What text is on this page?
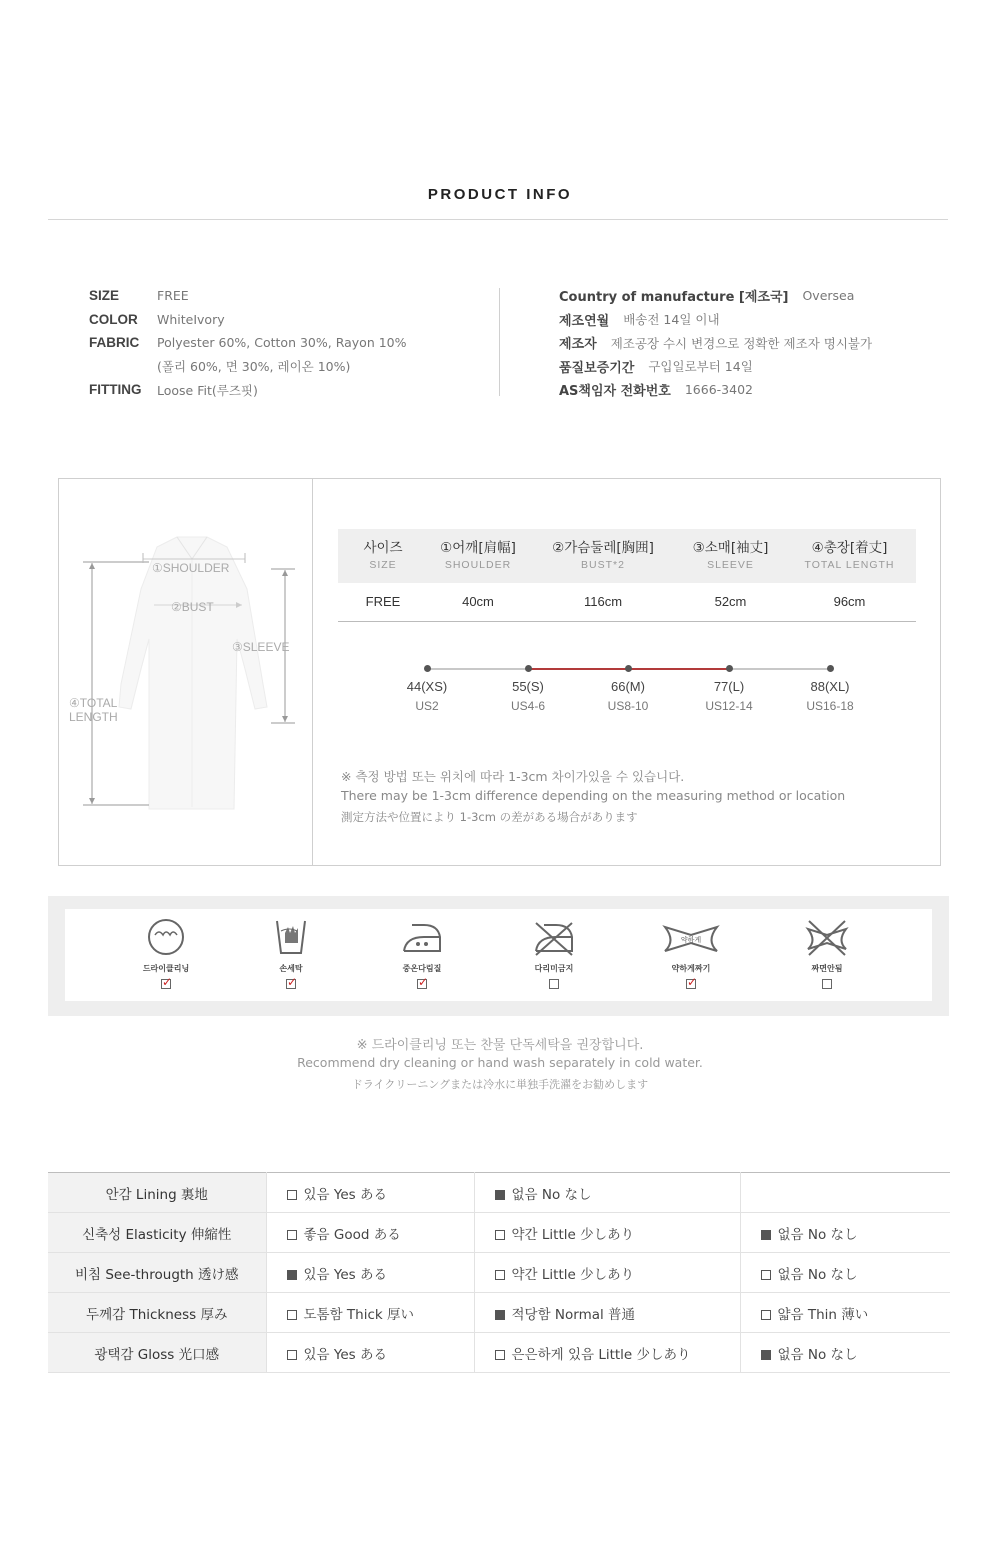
PRODUCT INFO
SIZE	FREE
COLOR	WhiteIvory
FABRIC	Polyester 60%, Cotton 30%, Rayon 10%
(폴리 60%, 면 30%, 레이온 10%)
FITTING	Loose Fit(루즈핏)
Country of manufacture [제조국] Oversea
제조연월 배송전 14일 이내
제조자 제조공장 수시 변경으로 정확한 제조자 명시불가
품질보증기간 구입일로부터 14일
AS책임자 전화번호 1666-3402
①SHOULDER
②BUST
③SLEEVE
④TOTAL
LENGTH
사이즈	①어깨[肩幅]	②가슴둘레[胸囲]	③소매[袖丈]	④총장[着丈]
SIZE	SHOULDER	BUST*2	SLEEVE	TOTAL LENGTH
FREE	40cm	116cm	52cm	96cm
44(XS)	55(S)	66(M)	77(L)	88(XL)
US2	US4-6	US8-10	US12-14	US16-18
※ 측정 방법 또는 위치에 따라 1-3cm 차이가있을 수 있습니다.
There may be 1-3cm difference depending on the measuring method or location
測定方法や位置により 1-3cm の差がある場合があります
드라이클리닝
✓	손세탁
✓	중온다림질
✓	다리미금지
약하게
약하게짜기
✓	짜면안됨
※ 드라이클리닝 또는 찬물 단독세탁을 권장합니다.
Recommend dry cleaning or hand wash separately in cold water.
ドライクリーニングまたは冷水に単独手洗濯をお勧めします
안감 Lining 裏地	있음 Yes ある	없음 No なし	
신축성 Elasticity 伸縮性	좋음 Good ある	약간 Little 少しあり	없음 No なし
비침 See-througth 透け感	있음 Yes ある	약간 Little 少しあり	없음 No なし
두께감 Thickness 厚み	도톰함 Thick 厚い	적당함 Normal 普通	얇음 Thin 薄い
광택감 Gloss 光口感	있음 Yes ある	은은하게 있음 Little 少しあり	없음 No なし
